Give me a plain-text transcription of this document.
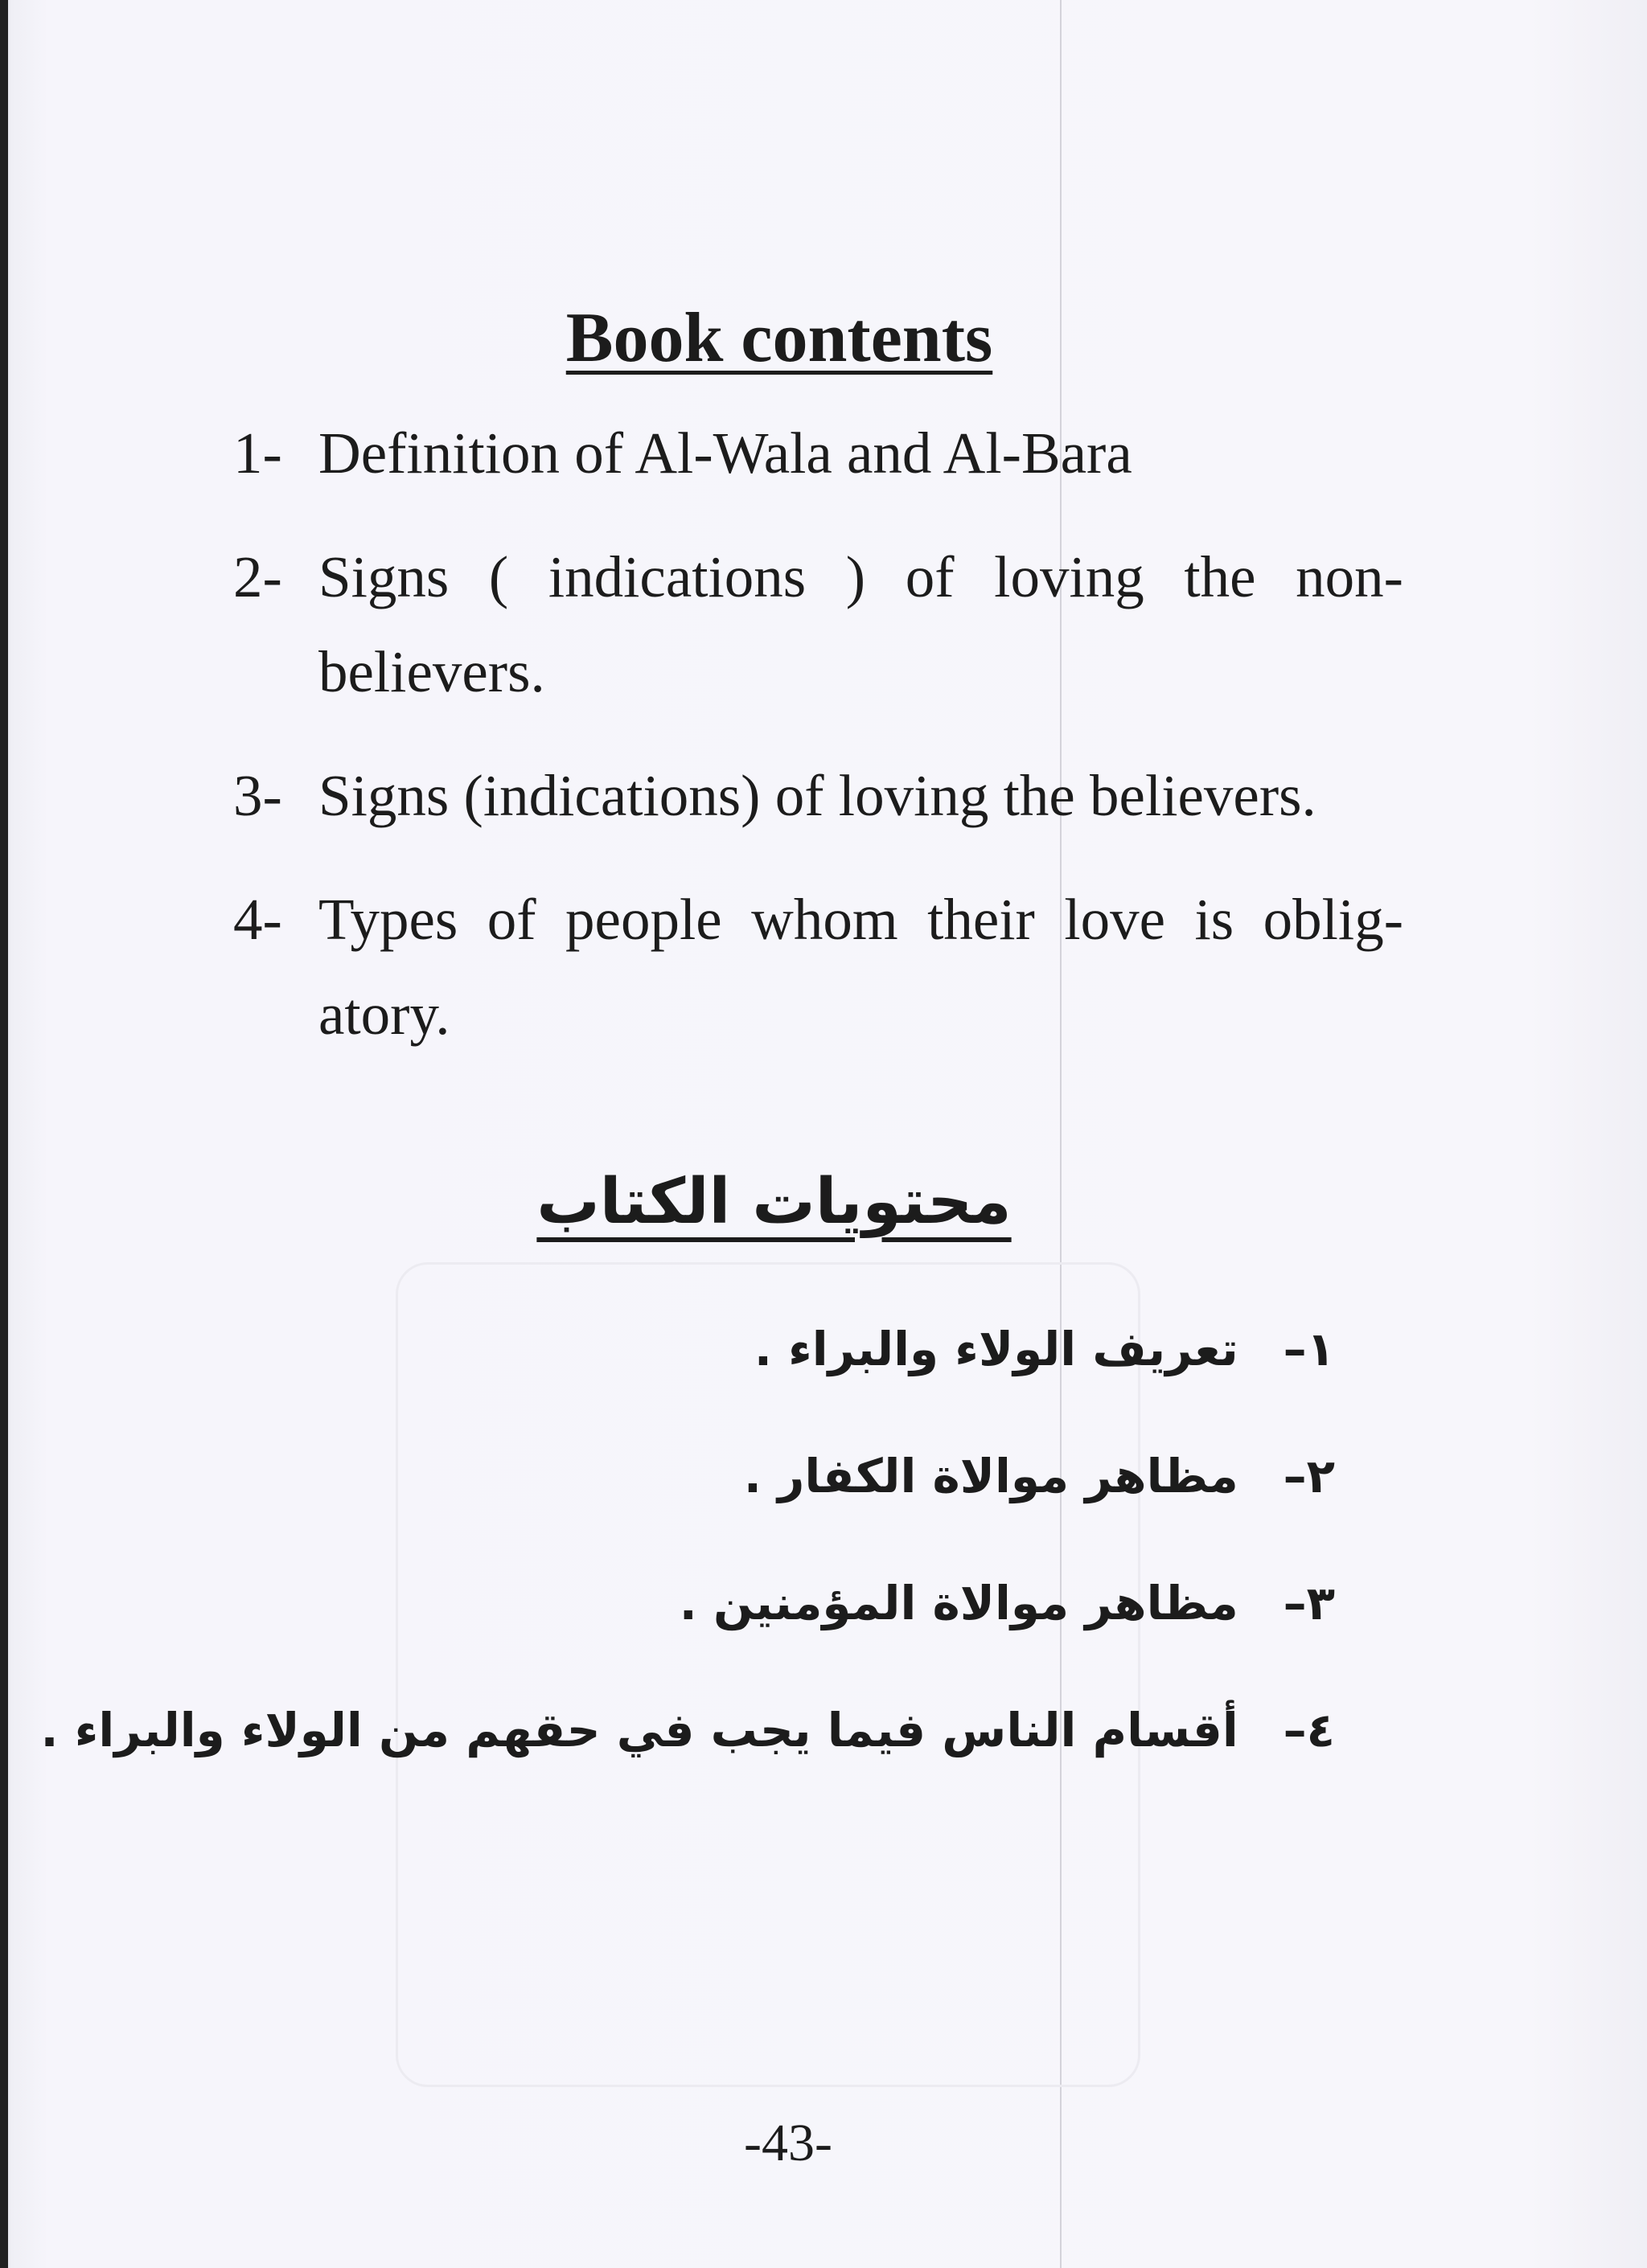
Book contents
1- Definition of Al-Wala and Al-Bara
2- Signs ( indications ) of loving the non-believers.
3- Signs (indications) of loving the believers.
4- Types of people whom their love is oblig-atory.
محتويات الكتاب
١– تعريف الولاء والبراء .
٢– مظاهر موالاة الكفار .
٣– مظاهر موالاة المؤمنين .
٤– أقسام الناس فيما يجب في حقهم من الولاء والبراء .
-43-
